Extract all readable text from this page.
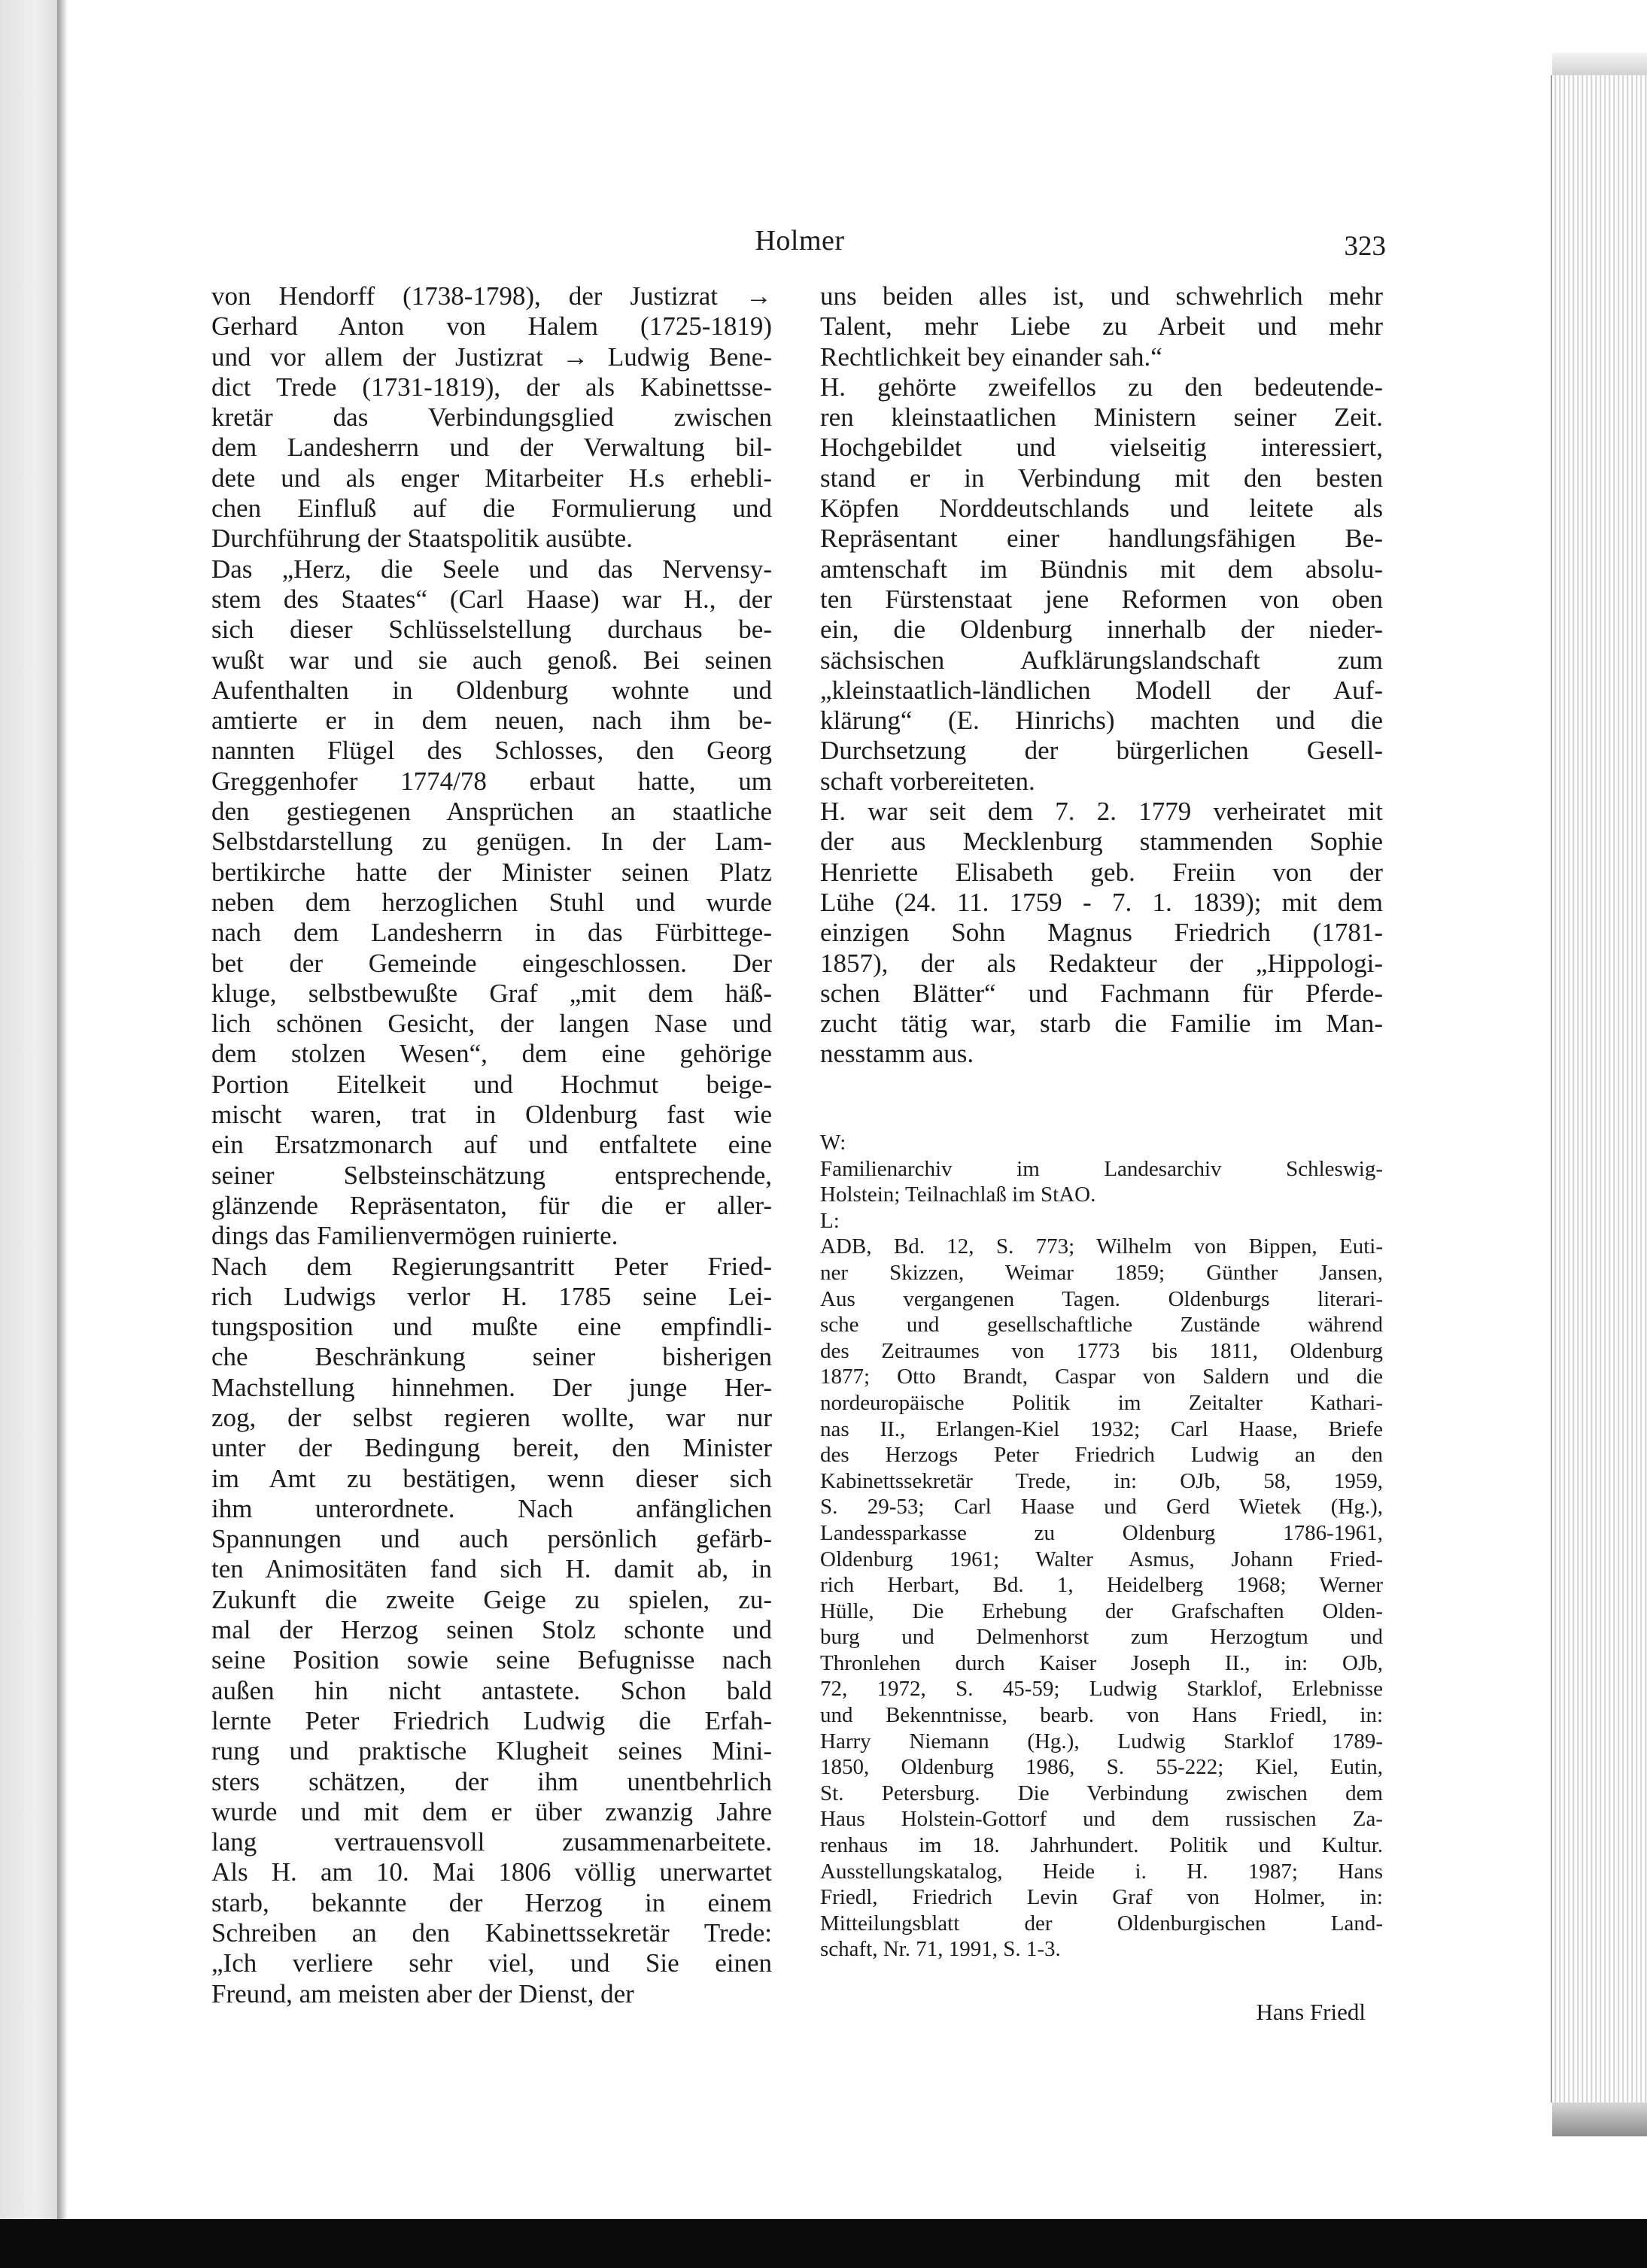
Holmer	323
von Hendorff (1738-1798), der Justizrat →
Gerhard Anton von Halem (1725-1819)
und vor allem der Justizrat → Ludwig Bene-
dict Trede (1731-1819), der als Kabinettsse-
kretär das Verbindungsglied zwischen
dem Landesherrn und der Verwaltung bil-
dete und als enger Mitarbeiter H.s erhebli-
chen Einfluß auf die Formulierung und
Durchführung der Staatspolitik ausübte.
Das „Herz, die Seele und das Nervensy-
stem des Staates“ (Carl Haase) war H., der
sich dieser Schlüsselstellung durchaus be-
wußt war und sie auch genoß. Bei seinen
Aufenthalten in Oldenburg wohnte und
amtierte er in dem neuen, nach ihm be-
nannten Flügel des Schlosses, den Georg
Greggenhofer 1774/78 erbaut hatte, um
den gestiegenen Ansprüchen an staatliche
Selbstdarstellung zu genügen. In der Lam-
bertikirche hatte der Minister seinen Platz
neben dem herzoglichen Stuhl und wurde
nach dem Landesherrn in das Fürbittege-
bet der Gemeinde eingeschlossen. Der
kluge, selbstbewußte Graf „mit dem häß-
lich schönen Gesicht, der langen Nase und
dem stolzen Wesen“, dem eine gehörige
Portion Eitelkeit und Hochmut beige-
mischt waren, trat in Oldenburg fast wie
ein Ersatzmonarch auf und entfaltete eine
seiner Selbsteinschätzung entsprechende,
glänzende Repräsentaton, für die er aller-
dings das Familienvermögen ruinierte.
Nach dem Regierungsantritt Peter Fried-
rich Ludwigs verlor H. 1785 seine Lei-
tungsposition und mußte eine empfindli-
che Beschränkung seiner bisherigen
Machstellung hinnehmen. Der junge Her-
zog, der selbst regieren wollte, war nur
unter der Bedingung bereit, den Minister
im Amt zu bestätigen, wenn dieser sich
ihm unterordnete. Nach anfänglichen
Spannungen und auch persönlich gefärb-
ten Animositäten fand sich H. damit ab, in
Zukunft die zweite Geige zu spielen, zu-
mal der Herzog seinen Stolz schonte und
seine Position sowie seine Befugnisse nach
außen hin nicht antastete. Schon bald
lernte Peter Friedrich Ludwig die Erfah-
rung und praktische Klugheit seines Mini-
sters schätzen, der ihm unentbehrlich
wurde und mit dem er über zwanzig Jahre
lang vertrauensvoll zusammenarbeitete.
Als H. am 10. Mai 1806 völlig unerwartet
starb, bekannte der Herzog in einem
Schreiben an den Kabinettssekretär Trede:
„Ich verliere sehr viel, und Sie einen
Freund, am meisten aber der Dienst, der
uns beiden alles ist, und schwehrlich mehr
Talent, mehr Liebe zu Arbeit und mehr
Rechtlichkeit bey einander sah.“
H. gehörte zweifellos zu den bedeutende-
ren kleinstaatlichen Ministern seiner Zeit.
Hochgebildet und vielseitig interessiert,
stand er in Verbindung mit den besten
Köpfen Norddeutschlands und leitete als
Repräsentant einer handlungsfähigen Be-
amtenschaft im Bündnis mit dem absolu-
ten Fürstenstaat jene Reformen von oben
ein, die Oldenburg innerhalb der nieder-
sächsischen Aufklärungslandschaft zum
„kleinstaatlich-ländlichen Modell der Auf-
klärung“ (E. Hinrichs) machten und die
Durchsetzung der bürgerlichen Gesell-
schaft vorbereiteten.
H. war seit dem 7. 2. 1779 verheiratet mit
der aus Mecklenburg stammenden Sophie
Henriette Elisabeth geb. Freiin von der
Lühe (24. 11. 1759 - 7. 1. 1839); mit dem
einzigen Sohn Magnus Friedrich (1781-
1857), der als Redakteur der „Hippologi-
schen Blätter“ und Fachmann für Pferde-
zucht tätig war, starb die Familie im Man-
nesstamm aus.
W:
Familienarchiv im Landesarchiv Schleswig-
Holstein; Teilnachlaß im StAO.
L:
ADB, Bd. 12, S. 773; Wilhelm von Bippen, Euti-
ner Skizzen, Weimar 1859; Günther Jansen,
Aus vergangenen Tagen. Oldenburgs literari-
sche und gesellschaftliche Zustände während
des Zeitraumes von 1773 bis 1811, Oldenburg
1877; Otto Brandt, Caspar von Saldern und die
nordeuropäische Politik im Zeitalter Kathari-
nas II., Erlangen-Kiel 1932; Carl Haase, Briefe
des Herzogs Peter Friedrich Ludwig an den
Kabinettssekretär Trede, in: OJb, 58, 1959,
S. 29-53; Carl Haase und Gerd Wietek (Hg.),
Landessparkasse zu Oldenburg 1786-1961,
Oldenburg 1961; Walter Asmus, Johann Fried-
rich Herbart, Bd. 1, Heidelberg 1968; Werner
Hülle, Die Erhebung der Grafschaften Olden-
burg und Delmenhorst zum Herzogtum und
Thronlehen durch Kaiser Joseph II., in: OJb,
72, 1972, S. 45-59; Ludwig Starklof, Erlebnisse
und Bekenntnisse, bearb. von Hans Friedl, in:
Harry Niemann (Hg.), Ludwig Starklof 1789-
1850, Oldenburg 1986, S. 55-222; Kiel, Eutin,
St. Petersburg. Die Verbindung zwischen dem
Haus Holstein-Gottorf und dem russischen Za-
renhaus im 18. Jahrhundert. Politik und Kultur.
Ausstellungskatalog, Heide i. H. 1987; Hans
Friedl, Friedrich Levin Graf von Holmer, in:
Mitteilungsblatt der Oldenburgischen Land-
schaft, Nr. 71, 1991, S. 1-3.
Hans Friedl
